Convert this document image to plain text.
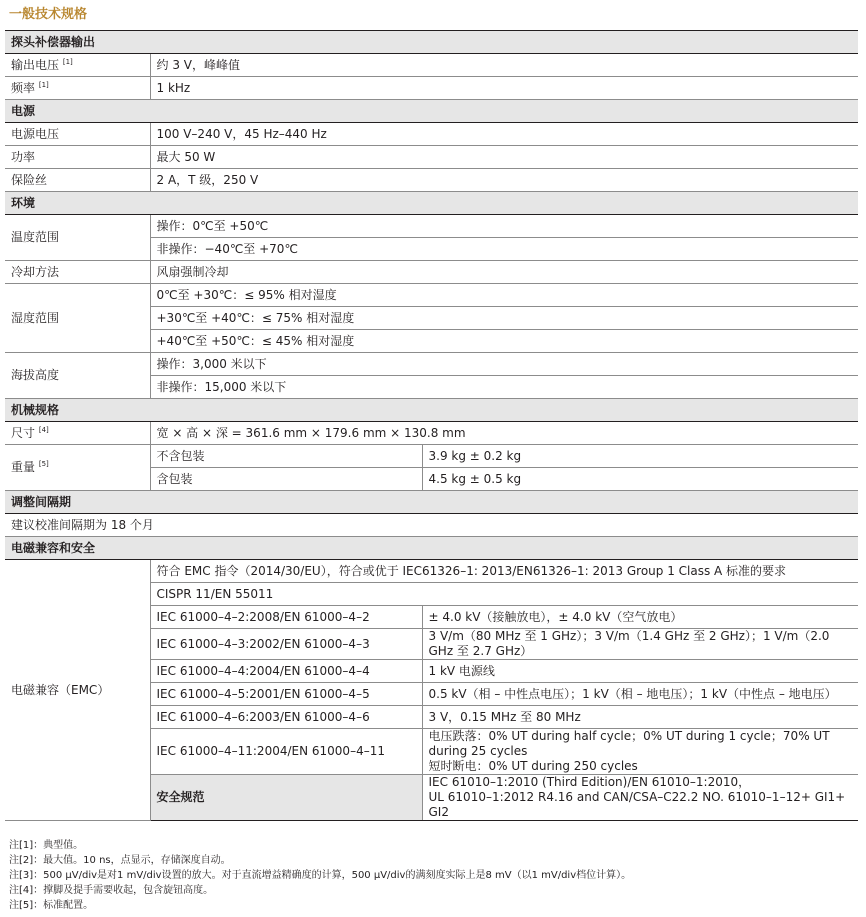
一般技术规格
探头补偿器输出		
输出电压 [1]	约 3 V，峰峰值	
频率 [1]	1 kHz	
电源		
电源电压	100 V–240 V，45 Hz–440 Hz	
功率	最大 50 W	
保险丝	2 A，T 级，250 V	
环境		
温度范围	操作：0℃至 +50℃	
	非操作：−40℃至 +70℃	
冷却方法	风扇强制冷却	
湿度范围	0℃至 +30℃：≤ 95% 相对湿度	
	+30℃至 +40℃：≤ 75% 相对湿度	
	+40℃至 +50℃：≤ 45% 相对湿度	
海拔高度	操作：3,000 米以下	
	非操作：15,000 米以下	
机械规格		
尺寸 [4]	宽 × 高 × 深 = 361.6 mm × 179.6 mm × 130.8 mm	
重量 [5]	不含包装	3.9 kg ± 0.2 kg
	含包装	4.5 kg ± 0.5 kg
调整间隔期		
建议校准间隔期为 18 个月		
电磁兼容和安全		
电磁兼容（EMC）	符合 EMC 指令（2014/30/EU），符合或优于 IEC61326–1: 2013/EN61326–1: 2013 Group 1 Class A 标准的要求	
	CISPR 11/EN 55011	
	IEC 61000–4–2:2008/EN 61000–4–2	± 4.0 kV（接触放电），± 4.0 kV（空气放电）
	IEC 61000–4–3:2002/EN 61000–4–3	3 V/m（80 MHz 至 1 GHz）；3 V/m（1.4 GHz 至 2 GHz）；1 V/m（2.0 GHz 至 2.7 GHz）
	IEC 61000–4–4:2004/EN 61000–4–4	1 kV 电源线
	IEC 61000–4–5:2001/EN 61000–4–5	0.5 kV（相 – 中性点电压）；1 kV（相 – 地电压）；1 kV（中性点 – 地电压）
	IEC 61000–4–6:2003/EN 61000–4–6	3 V，0.15 MHz 至 80 MHz
	IEC 61000–4–11:2004/EN 61000–4–11	电压跌落：0% UT during half cycle；0% UT during 1 cycle；70% UT during 25 cycles
短时断电：0% UT during 250 cycles

	安全规范	IEC 61010–1:2010 (Third Edition)/EN 61010–1:2010，
UL 61010–1:2012 R4.16 and CAN/CSA–C22.2 NO. 61010–1–12+ GI1+ GI2
注[1]：典型值。
注[2]：最大值。10 ns，点显示，存储深度自动。
注[3]：500 μV/div是对1 mV/div设置的放大。对于直流增益精确度的计算，500 μV/div的满刻度实际上是8 mV（以1 mV/div档位计算）。
注[4]：撑脚及提手需要收起，包含旋钮高度。
注[5]：标准配置。
